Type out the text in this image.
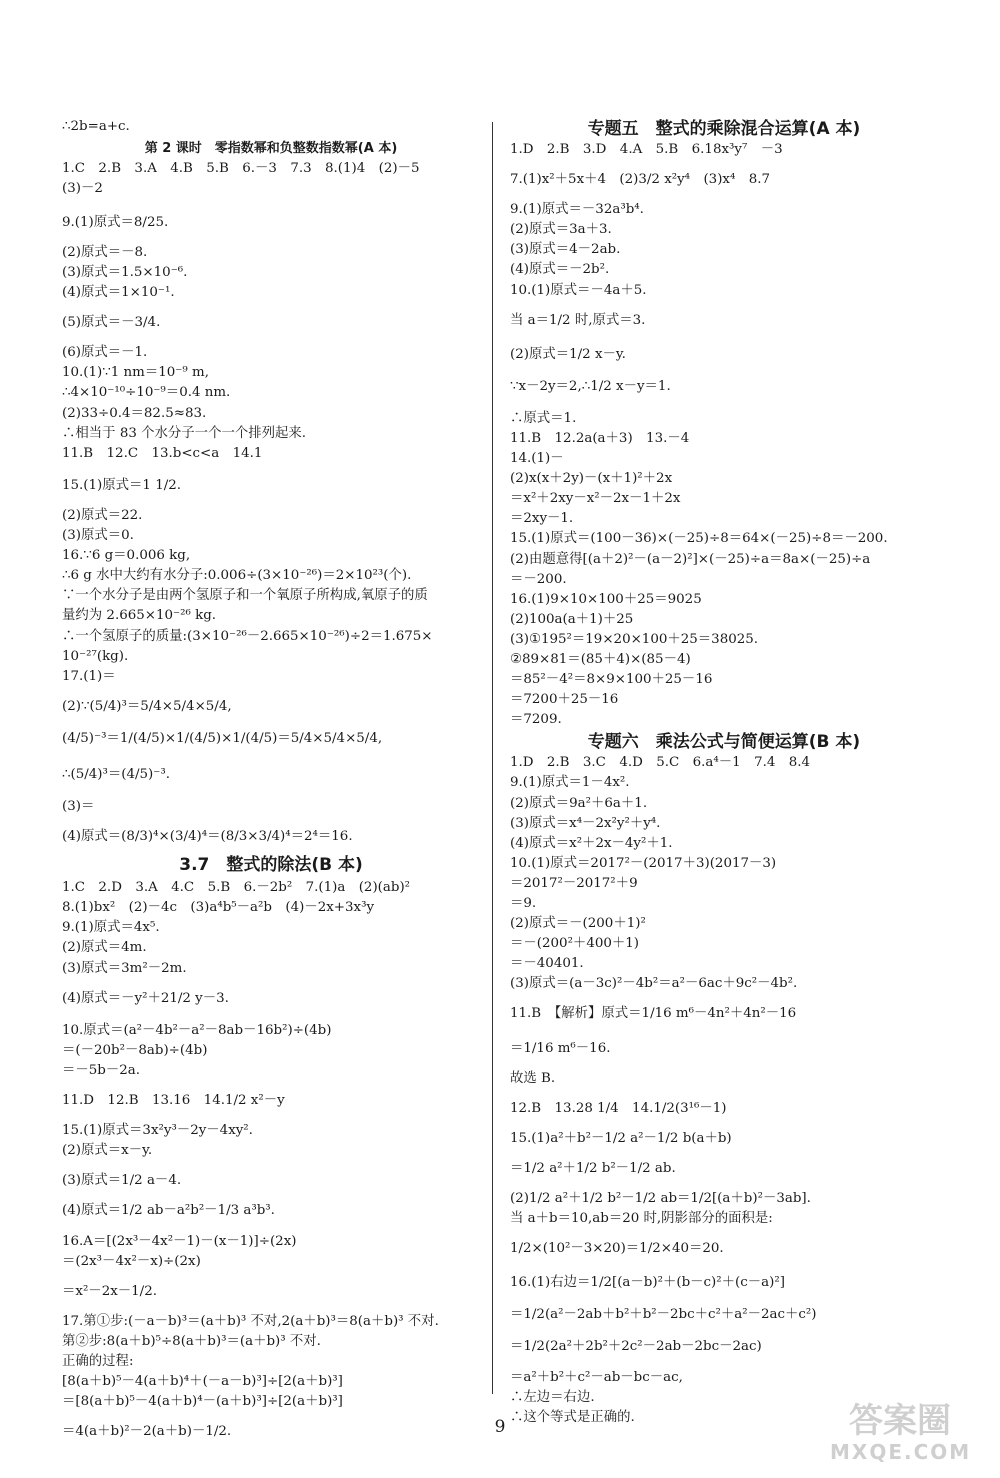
∴2b=a+c.
第 2 课时　零指数幂和负整数指数幂(A 本)
1.C　2.B　3.A　4.B　5.B　6.－3　7.3　8.(1)4　(2)－5
(3)－2
9.(1)原式＝8/25.
(2)原式＝－8.
(3)原式＝1.5×10⁻⁶.
(4)原式＝1×10⁻¹.
(5)原式＝－3/4.
(6)原式＝－1.
10.(1)∵1 nm＝10⁻⁹ m,
∴4×10⁻¹⁰÷10⁻⁹＝0.4 nm.
(2)33÷0.4＝82.5≈83.
∴相当于 83 个水分子一个一个排列起来.
11.B　12.C　13.b<c<a　14.1
15.(1)原式＝1 1/2.
(2)原式＝22.
(3)原式＝0.
16.∵6 g＝0.006 kg,
∴6 g 水中大约有水分子:0.006÷(3×10⁻²⁶)＝2×10²³(个).
∵一个水分子是由两个氢原子和一个氧原子所构成,氧原子的质
量约为 2.665×10⁻²⁶ kg.
∴一个氢原子的质量:(3×10⁻²⁶－2.665×10⁻²⁶)÷2＝1.675×
10⁻²⁷(kg).
17.(1)＝
(2)∵(5/4)³＝5/4×5/4×5/4,
(4/5)⁻³＝1/(4/5)×1/(4/5)×1/(4/5)＝5/4×5/4×5/4,
∴(5/4)³＝(4/5)⁻³.
(3)＝
(4)原式＝(8/3)⁴×(3/4)⁴＝(8/3×3/4)⁴＝2⁴＝16.
3.7　整式的除法(B 本)
1.C　2.D　3.A　4.C　5.B　6.－2b²　7.(1)a　(2)(ab)²
8.(1)bx²　(2)－4c　(3)a⁴b⁵－a²b　(4)－2x+3x³y
9.(1)原式＝4x⁵.
(2)原式＝4m.
(3)原式＝3m²－2m.
(4)原式＝－y²＋21/2 y－3.
10.原式＝(a²－4b²－a²－8ab－16b²)÷(4b)
＝(－20b²－8ab)÷(4b)
＝－5b－2a.
11.D　12.B　13.16　14.1/2 x²－y
15.(1)原式＝3x²y³－2y－4xy².
(2)原式＝x－y.
(3)原式＝1/2 a－4.
(4)原式＝1/2 ab－a²b²－1/3 a³b³.
16.A＝[(2x³－4x²－1)－(x－1)]÷(2x)
＝(2x³－4x²－x)÷(2x)
＝x²－2x－1/2.
17.第①步:(－a－b)³＝(a＋b)³ 不对,2(a＋b)³＝8(a＋b)³ 不对.
第②步:8(a＋b)⁵÷8(a＋b)³＝(a＋b)³ 不对.
正确的过程:
[8(a＋b)⁵－4(a＋b)⁴＋(－a－b)³]÷[2(a＋b)³]
＝[8(a＋b)⁵－4(a＋b)⁴－(a＋b)³]÷[2(a＋b)³]
＝4(a＋b)²－2(a＋b)－1/2.
专题五　整式的乘除混合运算(A 本)
1.D　2.B　3.D　4.A　5.B　6.18x³y⁷　－3
7.(1)x²＋5x＋4　(2)3/2 x²y⁴　(3)x⁴　8.7
9.(1)原式＝－32a³b⁴.
(2)原式＝3a＋3.
(3)原式＝4－2ab.
(4)原式＝－2b².
10.(1)原式＝－4a＋5.
当 a＝1/2 时,原式＝3.
(2)原式＝1/2 x－y.
∵x－2y＝2,∴1/2 x－y＝1.
∴原式＝1.
11.B　12.2a(a＋3)　13.－4
14.(1)－
(2)x(x＋2y)－(x＋1)²＋2x
＝x²＋2xy－x²－2x－1＋2x
＝2xy－1.
15.(1)原式＝(100－36)×(－25)÷8＝64×(－25)÷8＝－200.
(2)由题意得[(a＋2)²－(a－2)²]×(－25)÷a＝8a×(－25)÷a
＝－200.
16.(1)9×10×100＋25＝9025
(2)100a(a＋1)＋25
(3)①195²＝19×20×100＋25＝38025.
②89×81＝(85＋4)×(85－4)
＝85²－4²＝8×9×100＋25－16
＝7200＋25－16
＝7209.
专题六　乘法公式与简便运算(B 本)
1.D　2.B　3.C　4.D　5.C　6.a⁴－1　7.4　8.4
9.(1)原式＝1－4x².
(2)原式＝9a²＋6a＋1.
(3)原式＝x⁴－2x²y²＋y⁴.
(4)原式＝x²＋2x－4y²＋1.
10.(1)原式＝2017²－(2017＋3)(2017－3)
＝2017²－2017²＋9
＝9.
(2)原式＝－(200＋1)²
＝－(200²＋400＋1)
＝－40401.
(3)原式＝(a－3c)²－4b²＝a²－6ac＋9c²－4b².
11.B　【解析】原式＝1/16 m⁶－4n²＋4n²－16
＝1/16 m⁶－16.
故选 B.
12.B　13.28 1/4　14.1/2(3¹⁶－1)
15.(1)a²＋b²－1/2 a²－1/2 b(a＋b)
＝1/2 a²＋1/2 b²－1/2 ab.
(2)1/2 a²＋1/2 b²－1/2 ab＝1/2[(a＋b)²－3ab].
当 a＋b＝10,ab＝20 时,阴影部分的面积是:
1/2×(10²－3×20)＝1/2×40＝20.
16.(1)右边＝1/2[(a－b)²＋(b－c)²＋(c－a)²]
＝1/2(a²－2ab＋b²＋b²－2bc＋c²＋a²－2ac＋c²)
＝1/2(2a²＋2b²＋2c²－2ab－2bc－2ac)
＝a²＋b²＋c²－ab－bc－ac,
∴左边＝右边.
∴这个等式是正确的.
9	答案圈
MXQE.COM
